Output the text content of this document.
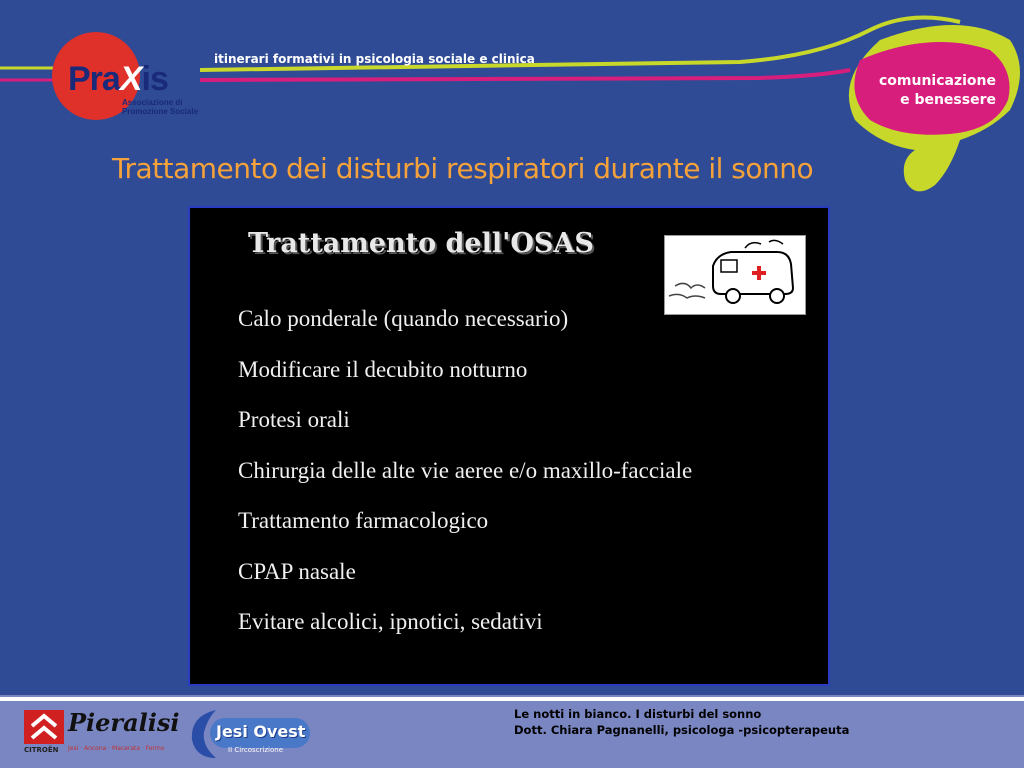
PraXis
Associazione di Promozione Sociale
itinerari formativi in psicologia sociale e clinica
comunicazione
e benessere
Trattamento dei disturbi respiratori durante il sonno
Trattamento dell'OSAS
Calo ponderale (quando necessario)
Modificare il decubito notturno
Protesi orali
Chirurgia delle alte vie aeree e/o maxillo-facciale
Trattamento farmacologico
CPAP nasale
Evitare alcolici, ipnotici, sedativi
CITROËN
Pieralisi
Jesi · Ancona · Macerata · Fermo
Jesi Ovest
II Circoscrizione
Le notti in bianco. I disturbi del sonno
Dott. Chiara Pagnanelli, psicologa -psicopterapeuta
